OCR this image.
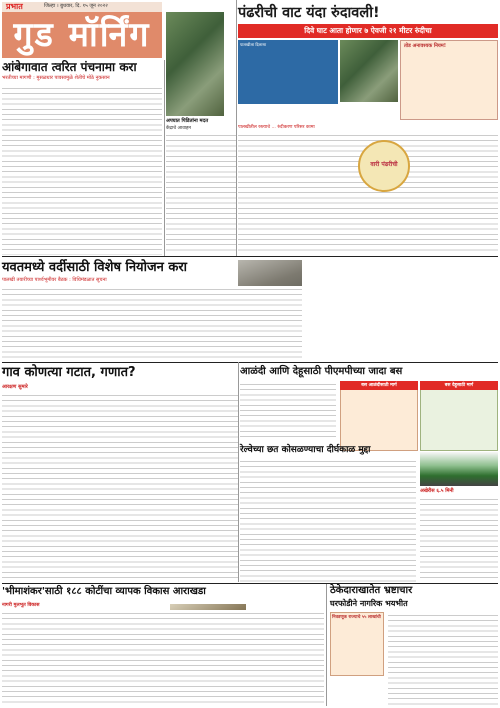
प्रभात	जिल्हा । बुधवार, दि. १५ जून २०२२
गुड मॉर्निंग
आंबेगावात त्वरित पंचनामा करा
भरतीच्या मागणी : मुसळधार पावसामुळे शेतीचे मोठे नुकसान
अपघात पिडितांना मदत
केंद्राचे आवाहन
पंढरीची वाट यंदा रुंदावली!
दिवे घाट आता होणार ७ ऐवजी २१ मीटर रुंदीचा
पालखीला दिलासा	तोड अनावश्यक नियम!
पालखीतील रस्त्याचे ... रुंदीकरण परिसर कामा
वारी पंढरीची
यवतमध्ये वर्दीसाठी विशेष नियोजन करा
पालखी तयारीच्या पार्श्वभूमीवर बैठक : विधिमंडळात सूचना
गाव कोणत्या गटात, गणात?
आरक्षण सुमारे
आळंदी आणि देहूसाठी पीएमपीच्या जादा बस
बस आळंदीसाठी मार्ग	बस देहूसाठी मार्ग
रेल्वेच्या छत कोसळण्याचा दीर्घकाळ मुद्दा
अखेरीस ६.५ मिनी
'भीमाशंकर'साठी १८८ कोटींचा व्यापक विकास आराखडा
नागरी मुलभूत विकास
ठेकेदाराखातेत भ्रष्टाचार
घरफोडीने नागरिक भयभीत
निवडणूक राज्याचे ५५ लाखांची
